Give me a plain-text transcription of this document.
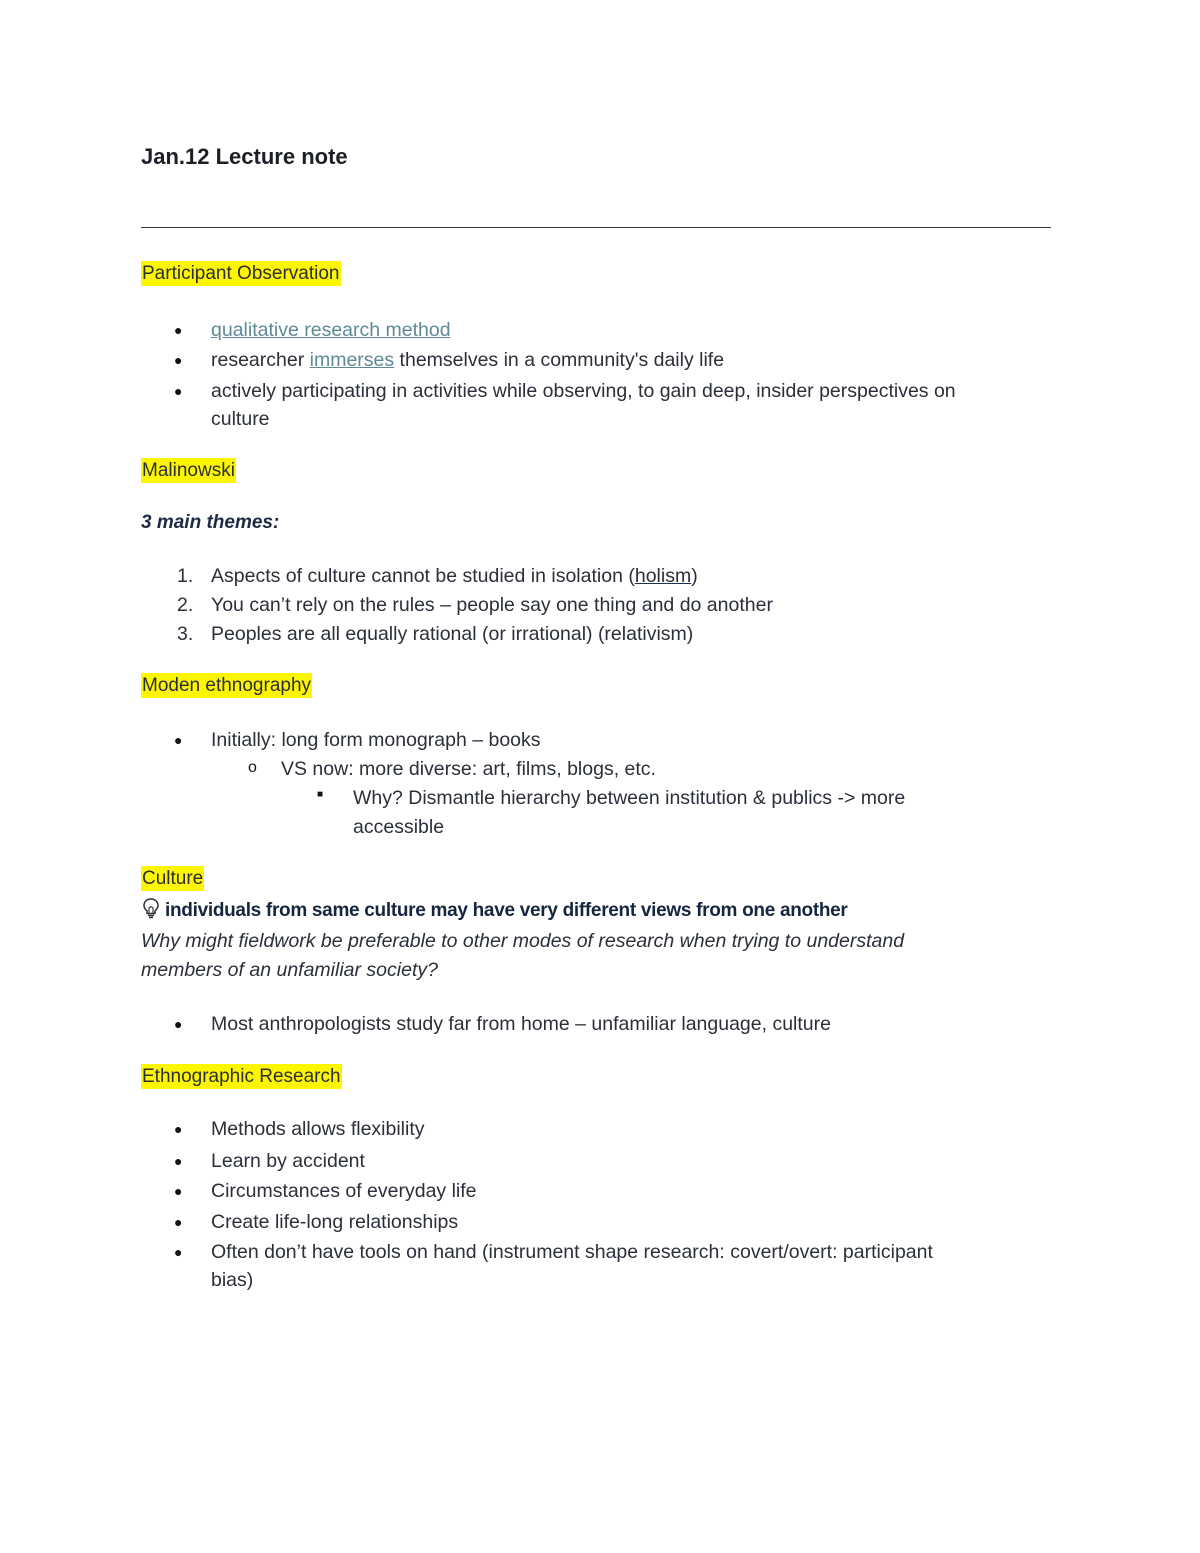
Jan.12 Lecture note
Participant Observation
● qualitative research method
● researcher immerses themselves in a community's daily life
● actively participating in activities while observing, to gain deep, insider perspectives on
culture
Malinowski
3 main themes:
1. Aspects of culture cannot be studied in isolation (holism)
2. You can’t rely on the rules – people say one thing and do another
3. Peoples are all equally rational (or irrational) (relativism)
Moden ethnography
● Initially: long form monograph – books
o VS now: more diverse: art, films, blogs, etc.
■ Why? Dismantle hierarchy between institution & publics -> more
accessible
Culture
individuals from same culture may have very different views from one another
Why might fieldwork be preferable to other modes of research when trying to understand
members of an unfamiliar society?
● Most anthropologists study far from home – unfamiliar language, culture
Ethnographic Research
● Methods allows flexibility
● Learn by accident
● Circumstances of everyday life
● Create life-long relationships
● Often don’t have tools on hand (instrument shape research: covert/overt: participant
bias)
